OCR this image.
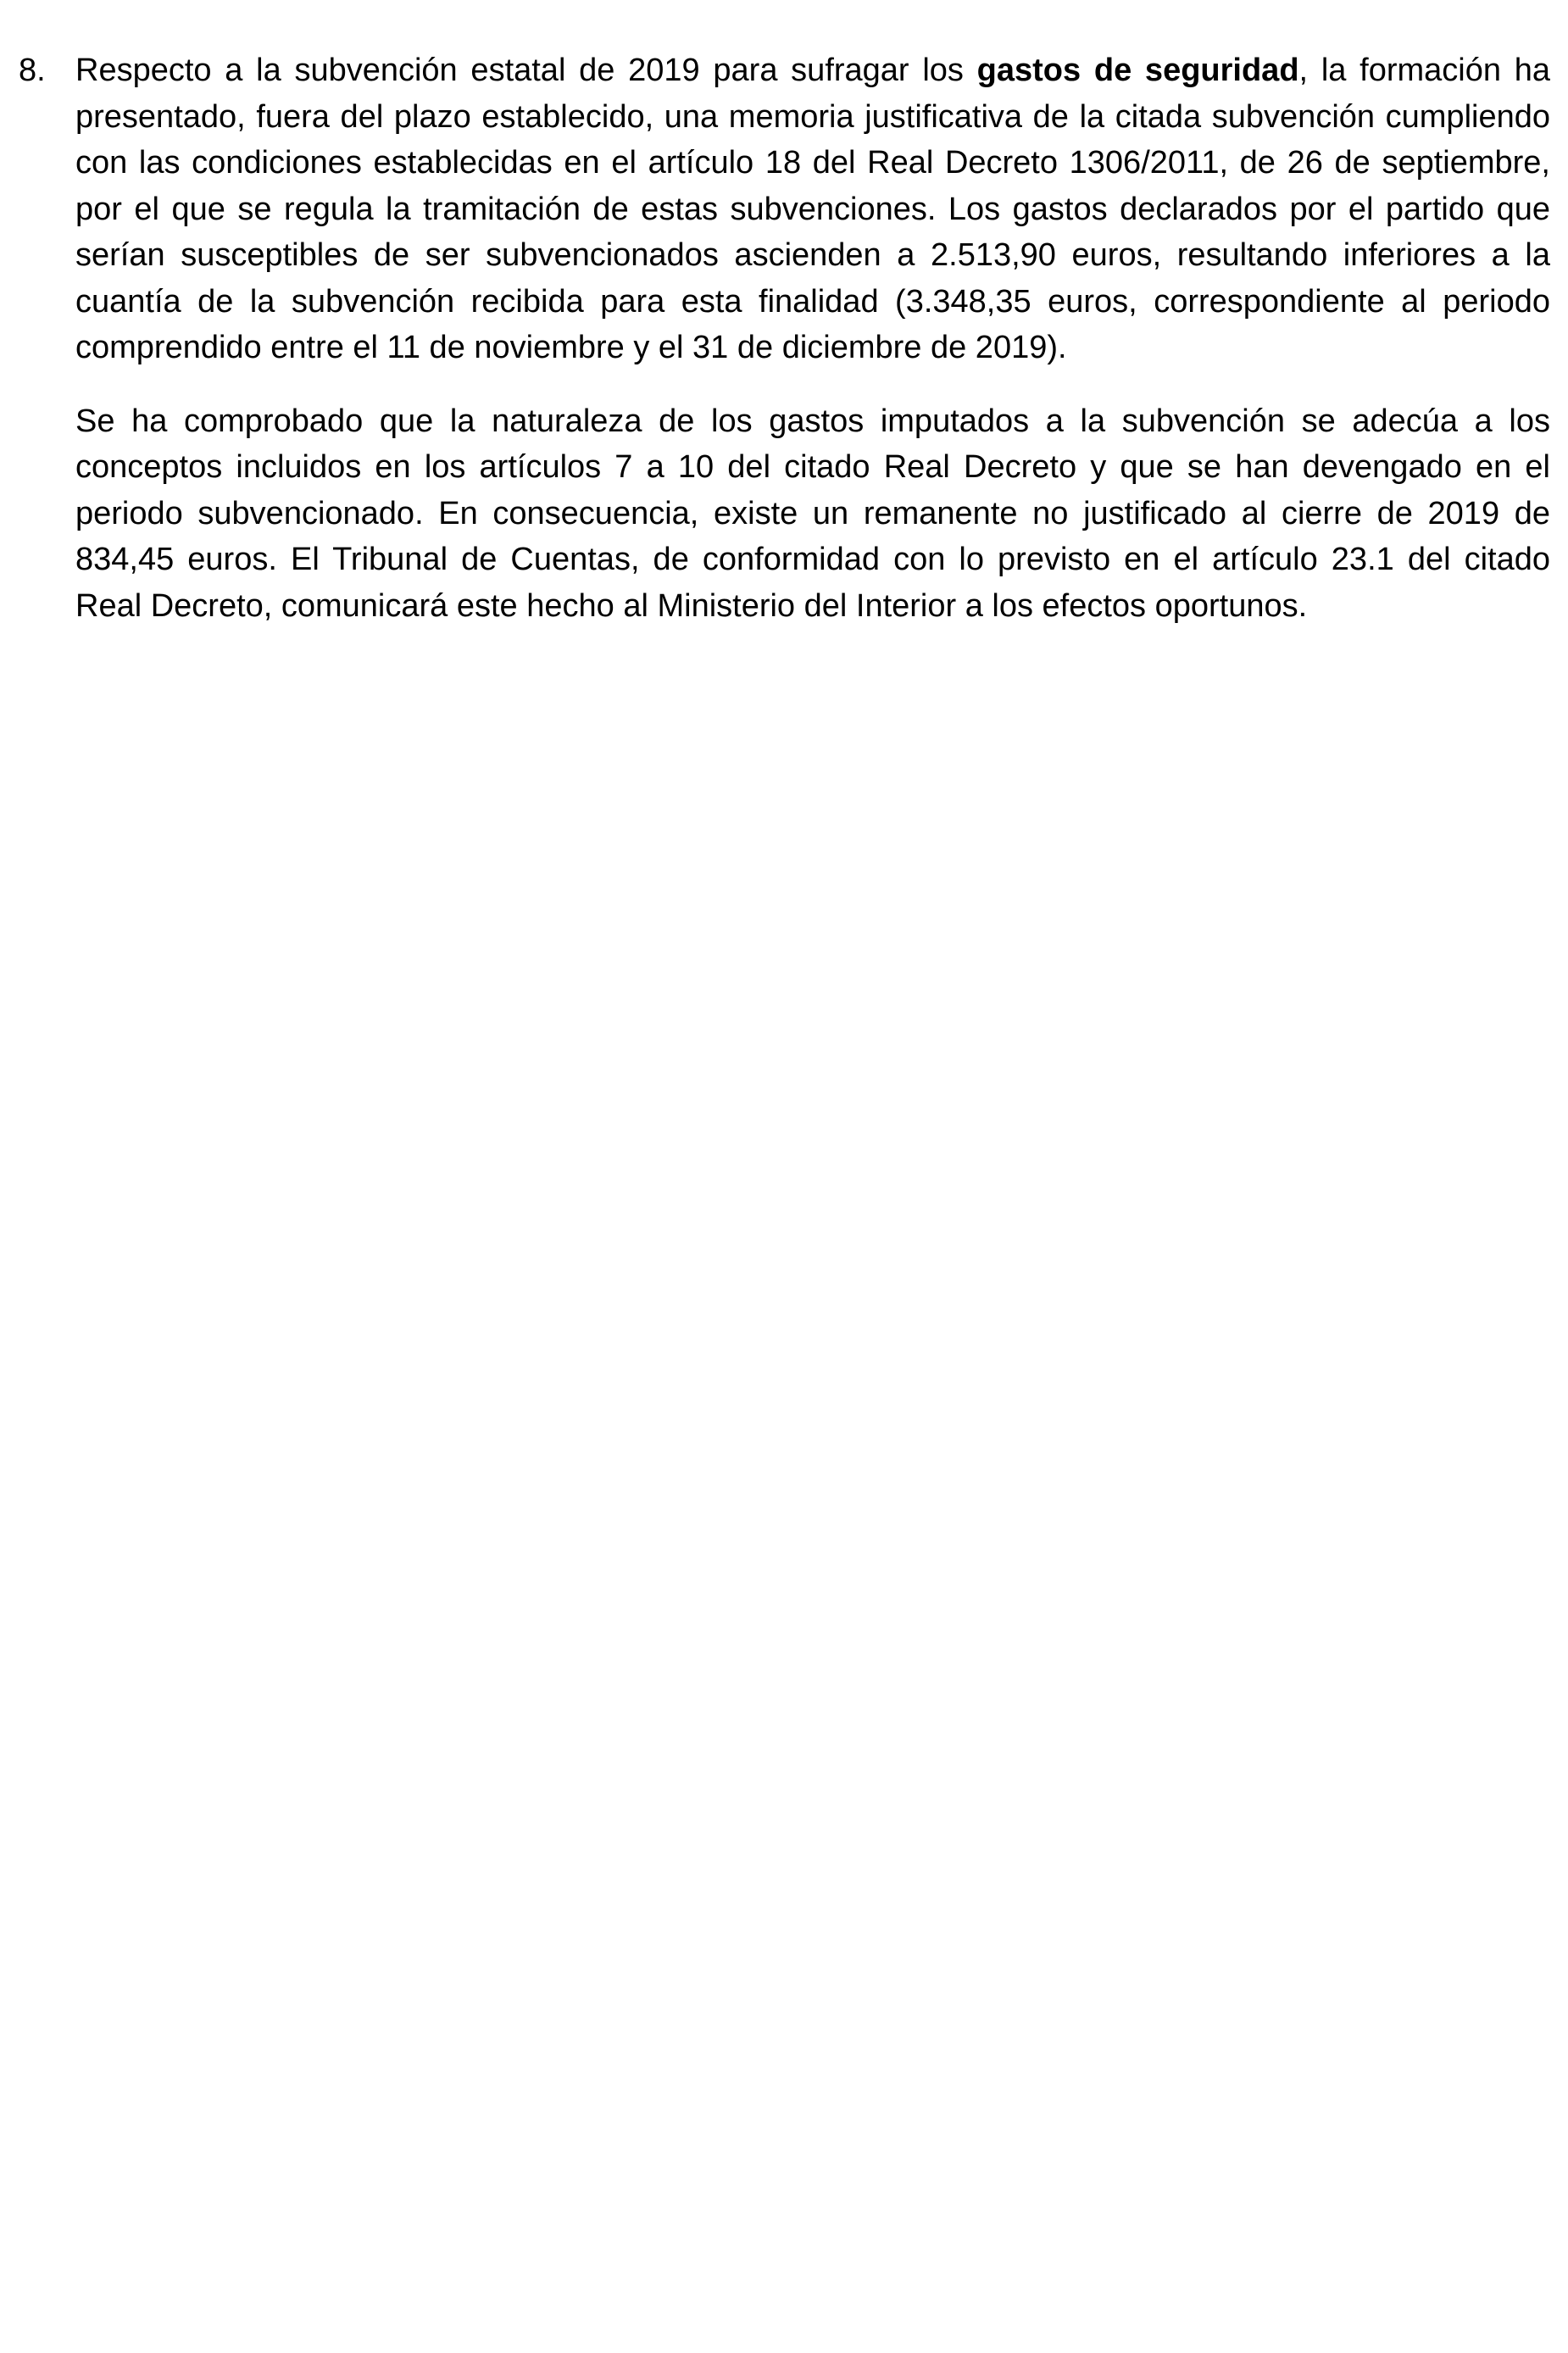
8. Respecto a la subvención estatal de 2019 para sufragar los gastos de seguridad, la formación ha presentado, fuera del plazo establecido, una memoria justificativa de la citada subvención cumpliendo con las condiciones establecidas en el artículo 18 del Real Decreto 1306/2011, de 26 de septiembre, por el que se regula la tramitación de estas subvenciones. Los gastos declarados por el partido que serían susceptibles de ser subvencionados ascienden a 2.513,90 euros, resultando inferiores a la cuantía de la subvención recibida para esta finalidad (3.348,35 euros, correspondiente al periodo comprendido entre el 11 de noviembre y el 31 de diciembre de 2019).

Se ha comprobado que la naturaleza de los gastos imputados a la subvención se adecúa a los conceptos incluidos en los artículos 7 a 10 del citado Real Decreto y que se han devengado en el periodo subvencionado. En consecuencia, existe un remanente no justificado al cierre de 2019 de 834,45 euros. El Tribunal de Cuentas, de conformidad con lo previsto en el artículo 23.1 del citado Real Decreto, comunicará este hecho al Ministerio del Interior a los efectos oportunos.
